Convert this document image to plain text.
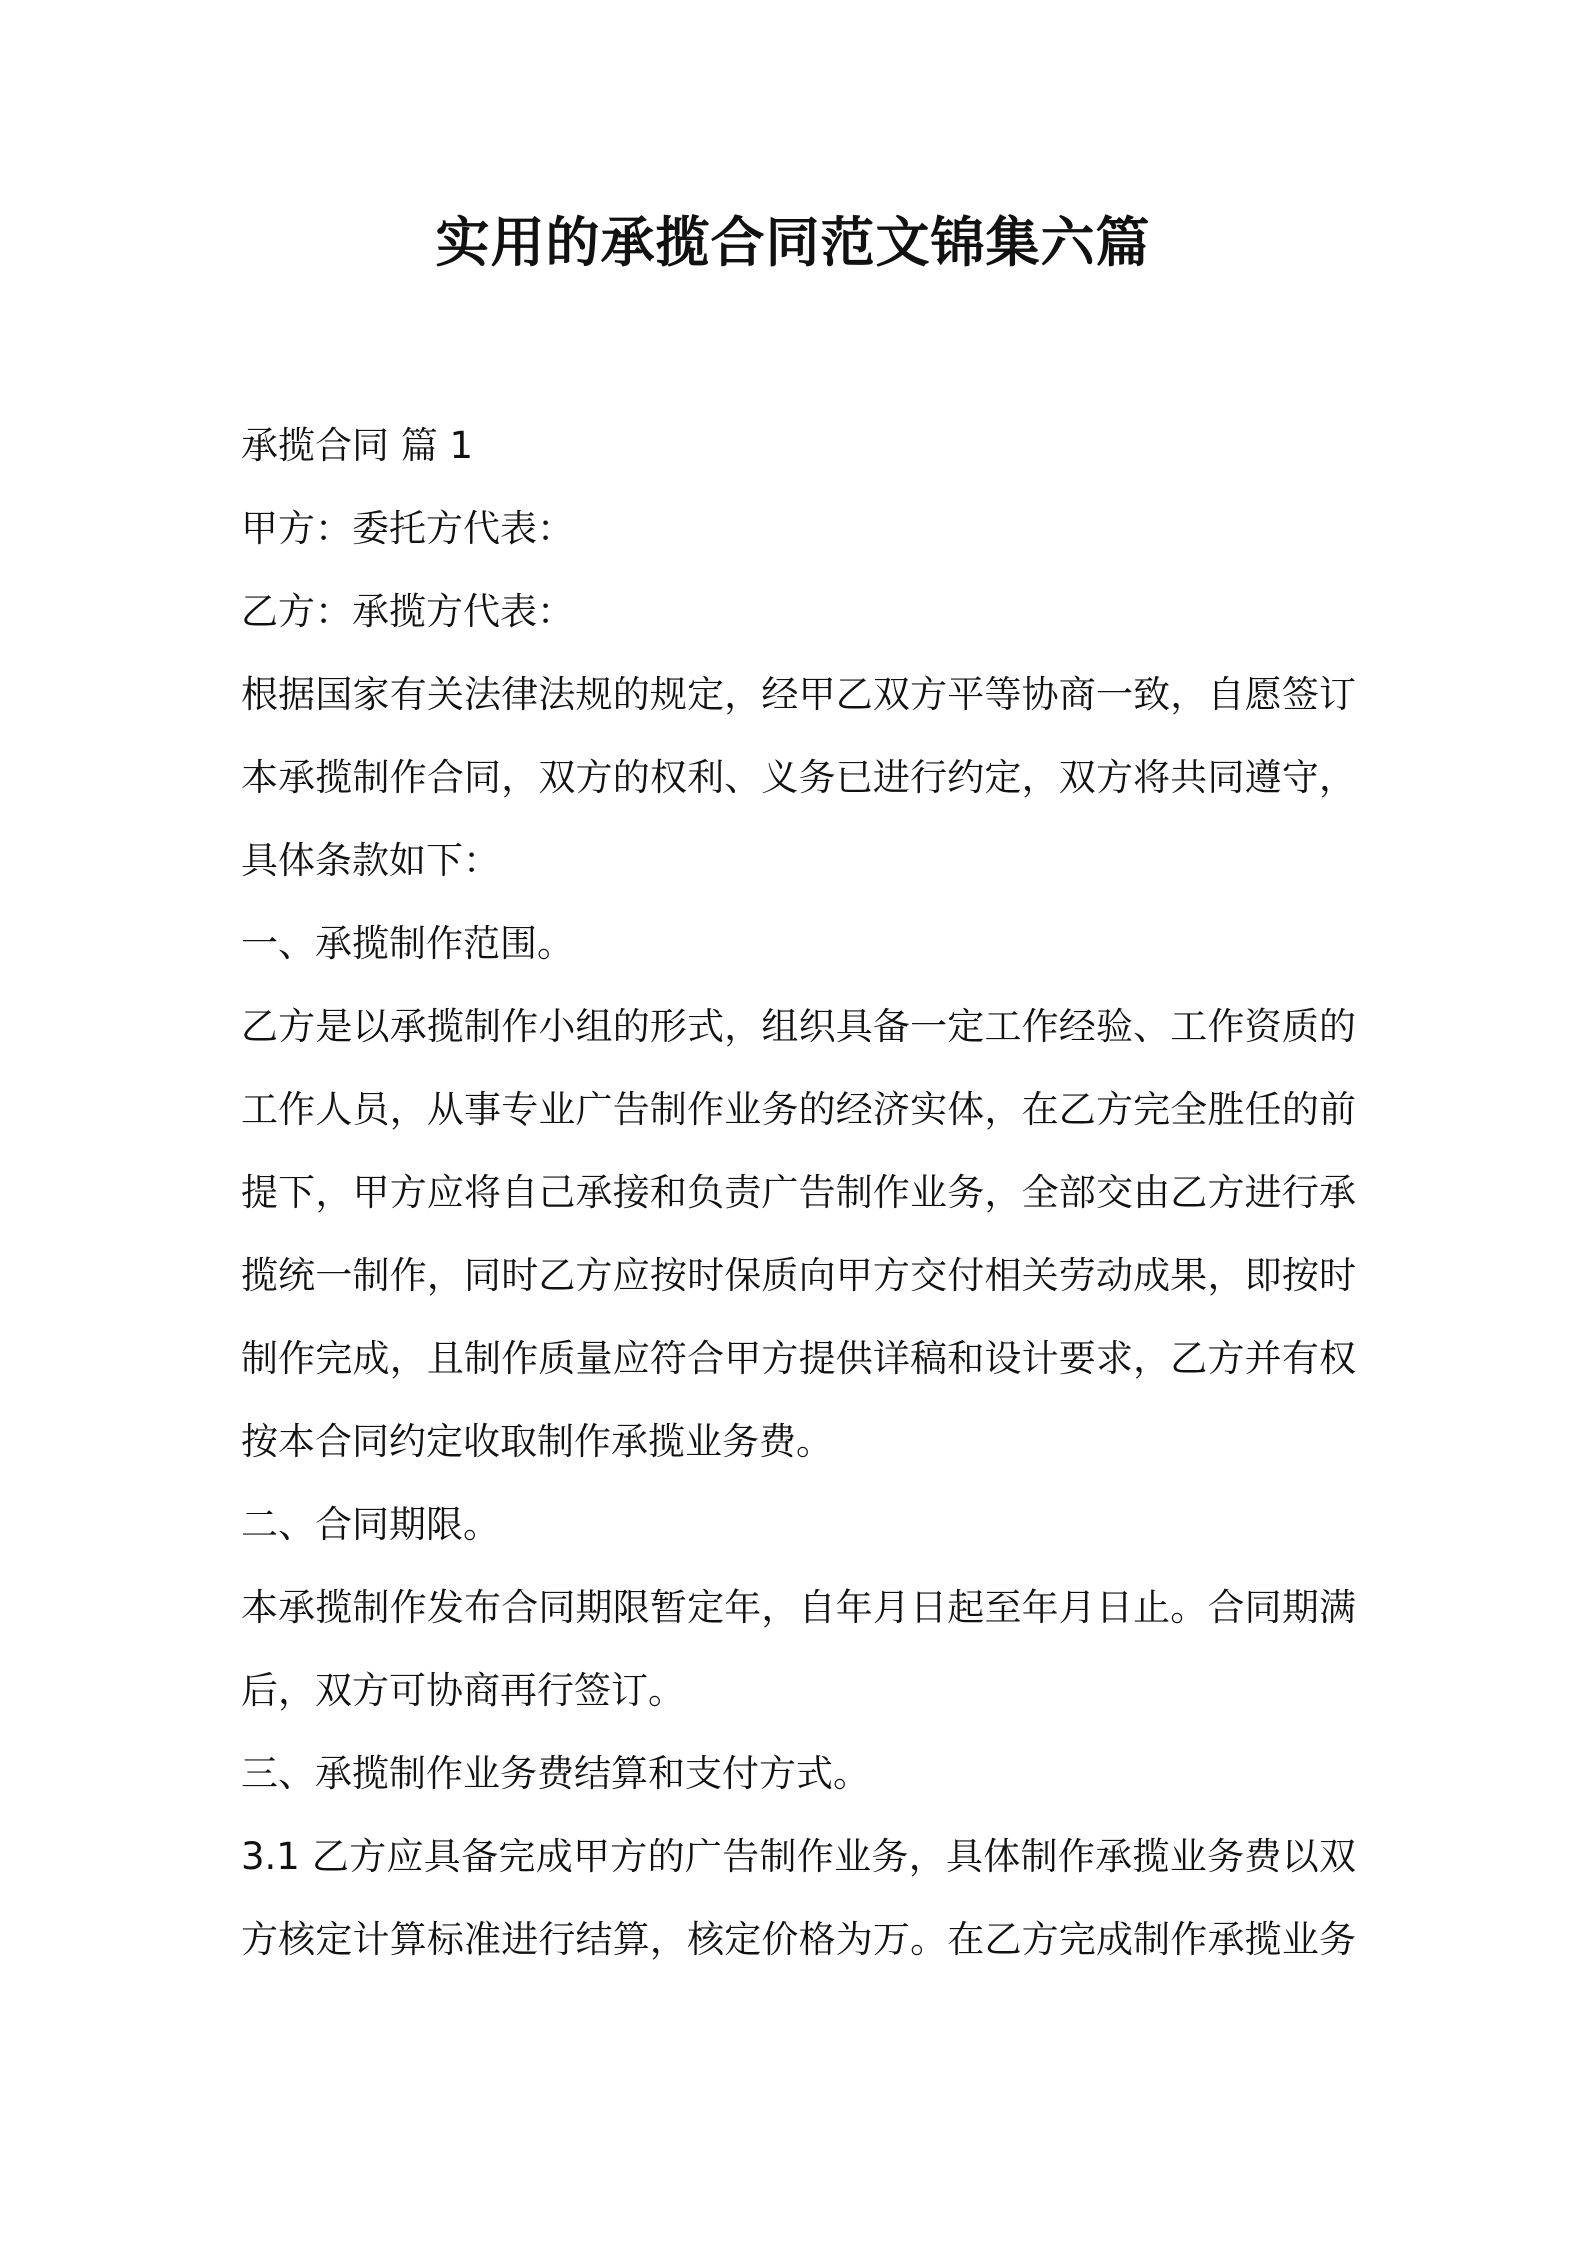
实用的承揽合同范文锦集六篇
承揽合同 篇 1
甲方：委托方代表：
乙方：承揽方代表：
根据国家有关法律法规的规定，经甲乙双方平等协商一致，自愿签订
本承揽制作合同，双方的权利、义务已进行约定，双方将共同遵守，
具体条款如下：
一、承揽制作范围。
乙方是以承揽制作小组的形式，组织具备一定工作经验、工作资质的
工作人员，从事专业广告制作业务的经济实体，在乙方完全胜任的前
提下，甲方应将自己承接和负责广告制作业务，全部交由乙方进行承
揽统一制作，同时乙方应按时保质向甲方交付相关劳动成果，即按时
制作完成，且制作质量应符合甲方提供详稿和设计要求，乙方并有权
按本合同约定收取制作承揽业务费。
二、合同期限。
本承揽制作发布合同期限暂定年，自年月日起至年月日止。合同期满
后，双方可协商再行签订。
三、承揽制作业务费结算和支付方式。
3.1 乙方应具备完成甲方的广告制作业务，具体制作承揽业务费以双
方核定计算标准进行结算，核定价格为万。在乙方完成制作承揽业务
